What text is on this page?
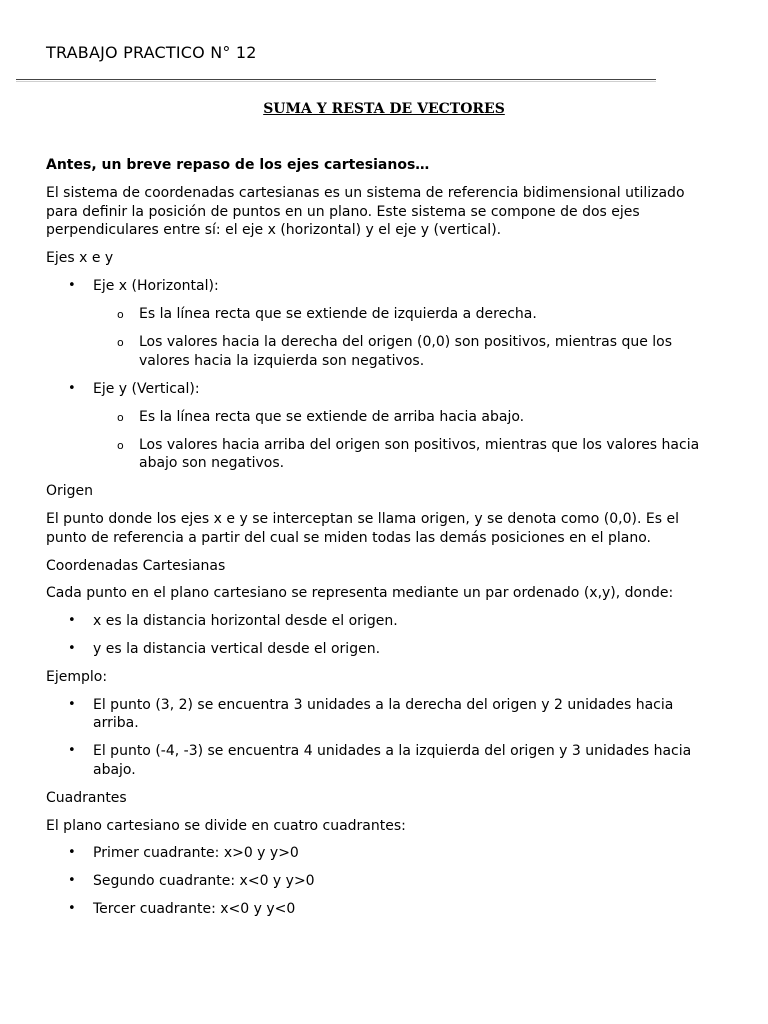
TRABAJO PRACTICO N° 12
SUMA Y RESTA DE VECTORES

Antes, un breve repaso de los ejes cartesianos…

El sistema de coordenadas cartesianas es un sistema de referencia bidimensional utilizado para definir la posición de puntos en un plano. Este sistema se compone de dos ejes perpendiculares entre sí: el eje x (horizontal) y el eje y (vertical).

Ejes x e y

• Eje x (Horizontal):
o Es la línea recta que se extiende de izquierda a derecha.
o Los valores hacia la derecha del origen (0,0) son positivos, mientras que los valores hacia la izquierda son negativos.
• Eje y (Vertical):
o Es la línea recta que se extiende de arriba hacia abajo.
o Los valores hacia arriba del origen son positivos, mientras que los valores hacia abajo son negativos.

Origen

El punto donde los ejes x e y se interceptan se llama origen, y se denota como (0,0). Es el punto de referencia a partir del cual se miden todas las demás posiciones en el plano.

Coordenadas Cartesianas

Cada punto en el plano cartesiano se representa mediante un par ordenado (x,y), donde:

• x es la distancia horizontal desde el origen.
• y es la distancia vertical desde el origen.

Ejemplo:

• El punto (3, 2) se encuentra 3 unidades a la derecha del origen y 2 unidades hacia arriba.
• El punto (-4, -3) se encuentra 4 unidades a la izquierda del origen y 3 unidades hacia abajo.

Cuadrantes

El plano cartesiano se divide en cuatro cuadrantes:

• Primer cuadrante: x>0 y y>0
• Segundo cuadrante: x<0 y y>0
• Tercer cuadrante: x<0 y y<0
